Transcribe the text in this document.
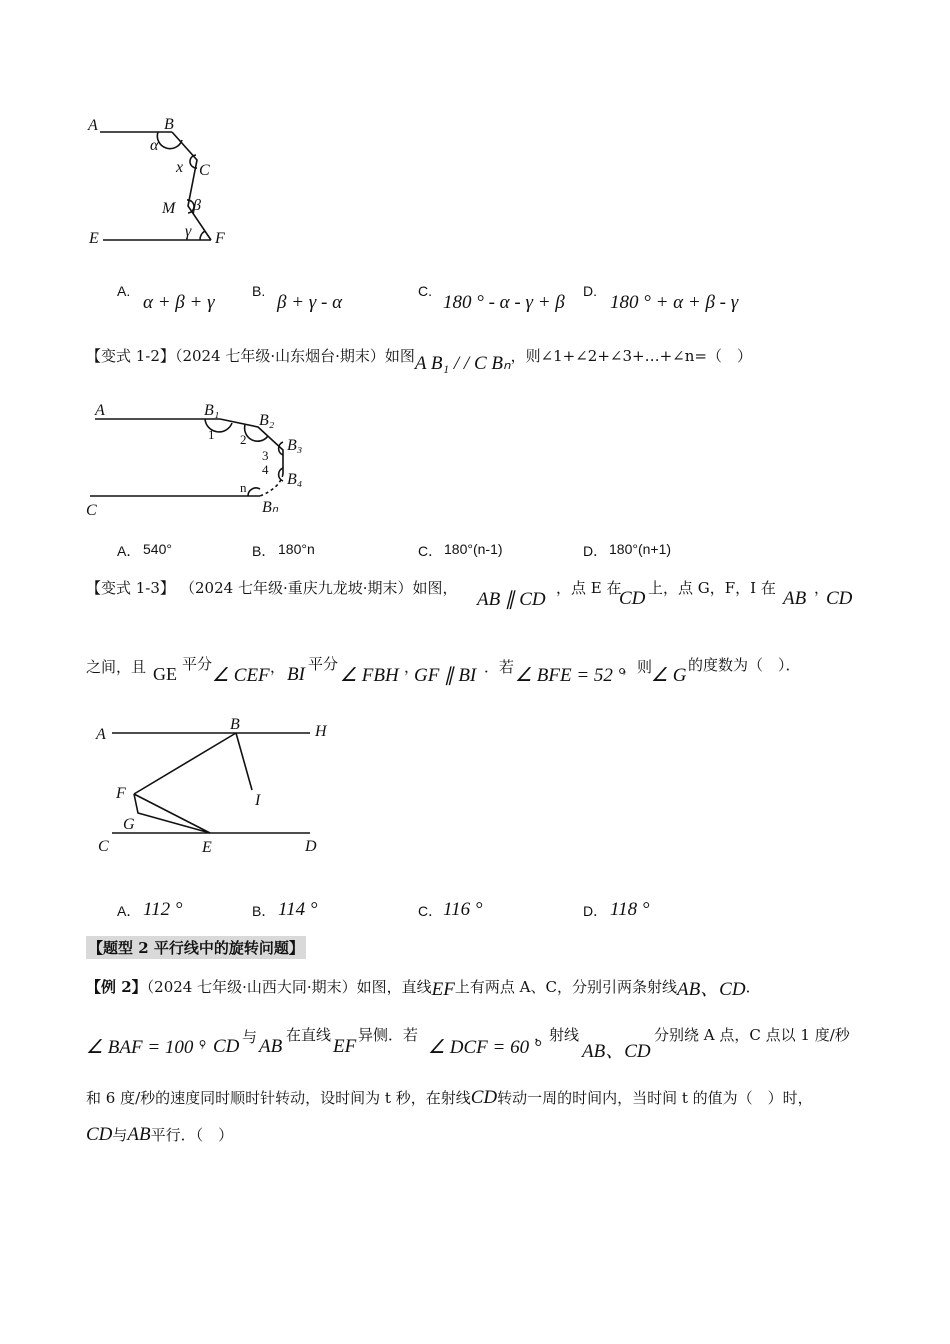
A	B
C
M
E	F
α
x
β
γ
A.
α + β + γ
B.
β + γ - α
C.
180 ° - α - γ + β
D.
180 ° + α + β - γ
【变式 1-2】（2024 七年级·山东烟台·期末）如图A B₁ / / C Bₙ，则∠1+∠2+∠3+…+∠n=（　）
A	B₁
B₂
B₃
B₄
Bₙ
C
1 2
3
4
n
A． 540°	B． 180°n	C． 180°(n-1)	D． 180°(n+1)
【变式 1-3】 （2024 七年级·重庆九龙坡·期末）如图，
AB ∥ CD
，点 E 在
CD 上，点 G，F，I 在 AB ，
CD
之间，且 GE 平分
∠ CEF ， BI 平分
∠ FBH ，
GF ∥ BI ．若 ∠ BFE = 52 °
，则
∠ G 的度数为（　）．
A
B	H
F	I
G
C	E	D
A． 112 °	B． 114 °	C． 116 °	D． 118 °
【题型 2 平行线中的旋转问题】
【例 2】（2024 七年级·山西大同·期末）如图，直线EF上有两点 A、C，分别引两条射线AB、CD．
∠ BAF = 100 °
，
CD 与 AB
在直线
EF
异侧．若
∠ DCF = 60 °
，射线
AB、CD
分别绕 A 点，C 点以 1 度/秒
和 6 度/秒的速度同时顺时针转动，设时间为 t 秒，在射线CD转动一周的时间内，当时间 t 的值为（　）时，
CD与AB平行．（　）
